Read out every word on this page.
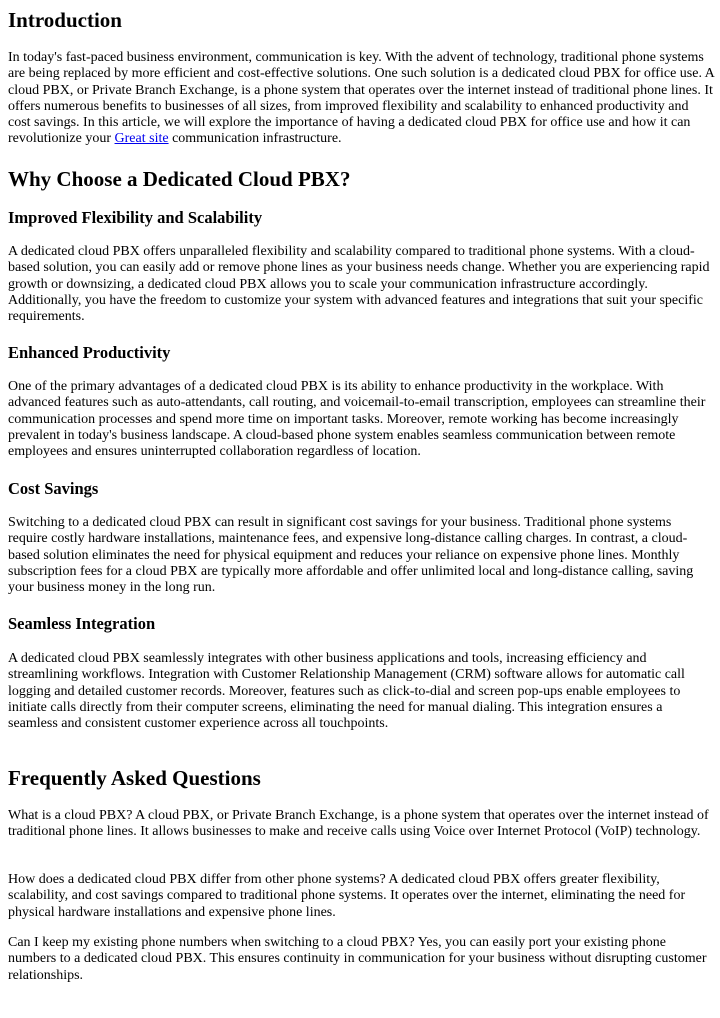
Introduction

In today's fast-paced business environment, communication is key. With the advent of technology, traditional phone systems are being replaced by more efficient and cost-effective solutions. One such solution is a dedicated cloud PBX for office use. A cloud PBX, or Private Branch Exchange, is a phone system that operates over the internet instead of traditional phone lines. It offers numerous benefits to businesses of all sizes, from improved flexibility and scalability to enhanced productivity and cost savings. In this article, we will explore the importance of having a dedicated cloud PBX for office use and how it can revolutionize your Great site communication infrastructure.

Why Choose a Dedicated Cloud PBX?
Improved Flexibility and Scalability

A dedicated cloud PBX offers unparalleled flexibility and scalability compared to traditional phone systems. With a cloud-based solution, you can easily add or remove phone lines as your business needs change. Whether you are experiencing rapid growth or downsizing, a dedicated cloud PBX allows you to scale your communication infrastructure accordingly. Additionally, you have the freedom to customize your system with advanced features and integrations that suit your specific requirements.

Enhanced Productivity

One of the primary advantages of a dedicated cloud PBX is its ability to enhance productivity in the workplace. With advanced features such as auto-attendants, call routing, and voicemail-to-email transcription, employees can streamline their communication processes and spend more time on important tasks. Moreover, remote working has become increasingly prevalent in today's business landscape. A cloud-based phone system enables seamless communication between remote employees and ensures uninterrupted collaboration regardless of location.

Cost Savings

Switching to a dedicated cloud PBX can result in significant cost savings for your business. Traditional phone systems require costly hardware installations, maintenance fees, and expensive long-distance calling charges. In contrast, a cloud-based solution eliminates the need for physical equipment and reduces your reliance on expensive phone lines. Monthly subscription fees for a cloud PBX are typically more affordable and offer unlimited local and long-distance calling, saving your business money in the long run.

Seamless Integration

A dedicated cloud PBX seamlessly integrates with other business applications and tools, increasing efficiency and streamlining workflows. Integration with Customer Relationship Management (CRM) software allows for automatic call logging and detailed customer records. Moreover, features such as click-to-dial and screen pop-ups enable employees to initiate calls directly from their computer screens, eliminating the need for manual dialing. This integration ensures a seamless and consistent customer experience across all touchpoints.

Frequently Asked Questions

What is a cloud PBX? A cloud PBX, or Private Branch Exchange, is a phone system that operates over the internet instead of traditional phone lines. It allows businesses to make and receive calls using Voice over Internet Protocol (VoIP) technology.

How does a dedicated cloud PBX differ from other phone systems? A dedicated cloud PBX offers greater flexibility, scalability, and cost savings compared to traditional phone systems. It operates over the internet, eliminating the need for physical hardware installations and expensive phone lines.

Can I keep my existing phone numbers when switching to a cloud PBX? Yes, you can easily port your existing phone numbers to a dedicated cloud PBX. This ensures continuity in communication for your business without disrupting customer relationships.
